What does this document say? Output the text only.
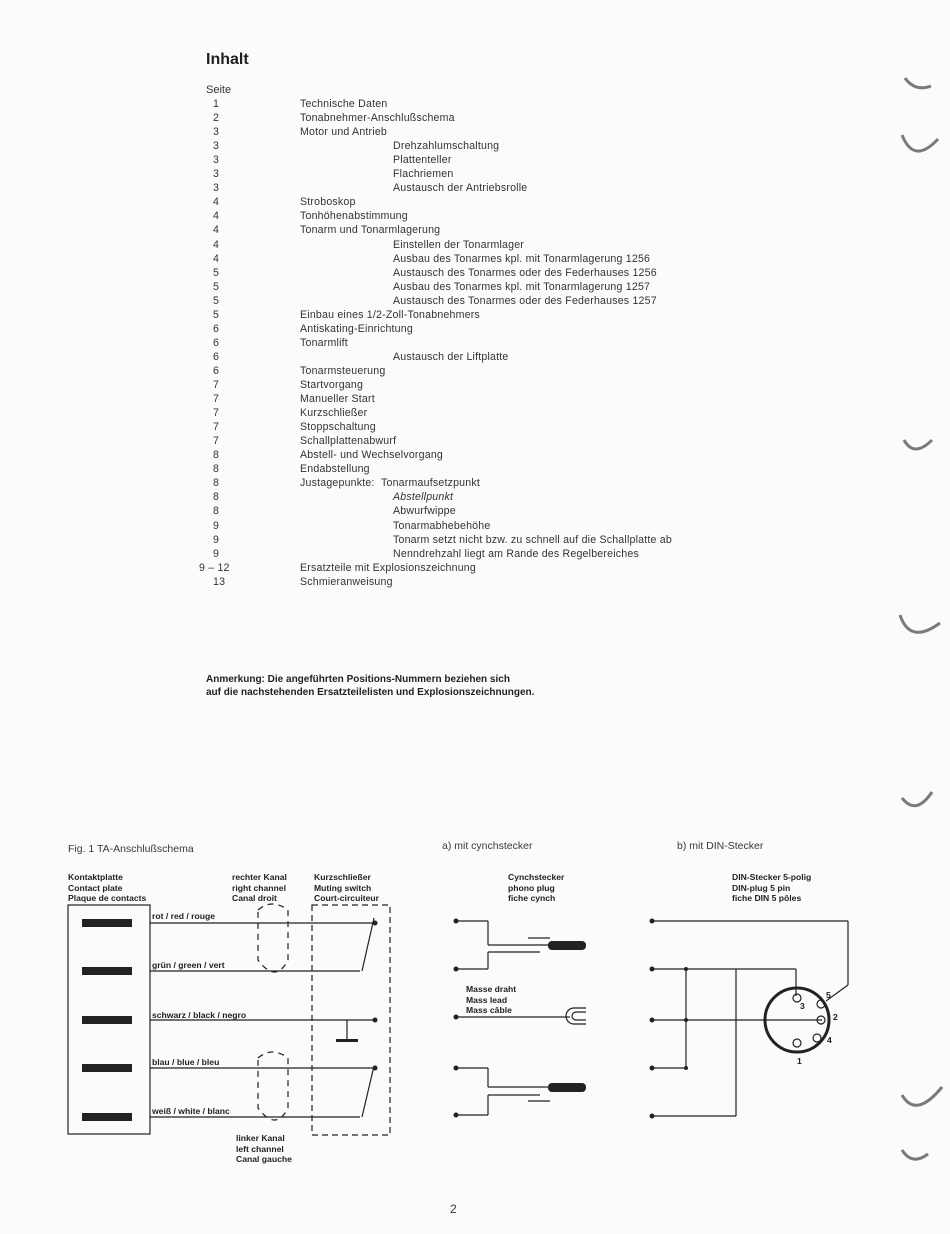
Inhalt
Seite
1	Technische Daten
2	Tonabnehmer-Anschlußschema
3	Motor und Antrieb
3	Drehzahlumschaltung
3	Plattenteller
3	Flachriemen
3	Austausch der Antriebsrolle
4	Stroboskop
4	Tonhöhenabstimmung
4	Tonarm und Tonarmlagerung
4	Einstellen der Tonarmlager
4	Ausbau des Tonarmes kpl. mit Tonarmlagerung 1256
5	Austausch des Tonarmes oder des Federhauses 1256
5	Ausbau des Tonarmes kpl. mit Tonarmlagerung 1257
5	Austausch des Tonarmes oder des Federhauses 1257
5	Einbau eines 1/2-Zoll-Tonabnehmers
6	Antiskating-Einrichtung
6	Tonarmlift
6	Austausch der Liftplatte
6	Tonarmsteuerung
7	Startvorgang
7	Manueller Start
7	Kurzschließer
7	Stoppschaltung
7	Schallplattenabwurf
8	Abstell- und Wechselvorgang
8	Endabstellung
8	Justagepunkte: Tonarmaufsetzpunkt
8	Abstellpunkt
8	Abwurfwippe
9	Tonarmabhebehöhe
9	Tonarm setzt nicht bzw. zu schnell auf die Schallplatte ab
9	Nenndrehzahl liegt am Rande des Regelbereiches
9 – 12	Ersatzteile mit Explosionszeichnung
13	Schmieranweisung
Anmerkung: Die angeführten Positions-Nummern beziehen sich
auf die nachstehenden Ersatzteilelisten und Explosionszeichnungen.
Fig. 1 TA-Anschlußschema	a) mit cynchstecker	b) mit DIN-Stecker
Kontaktplatte
Contact plate
Plaque de contacts
rechter Kanal
right channel
Canal droit
Kurzschließer
Muting switch
Court-circuiteur
linker Kanal
left channel
Canal gauche
Cynchstecker
phono plug
fiche cynch
Masse draht
Mass lead
Mass câble
DIN-Stecker 5-polig
DIN-plug 5 pin
fiche DIN 5 pôles
rot / red / rouge
grün / green / vert
schwarz / black / negro
blau / blue / bleu
weiß / white / blanc
3
5
2
4
1
2
